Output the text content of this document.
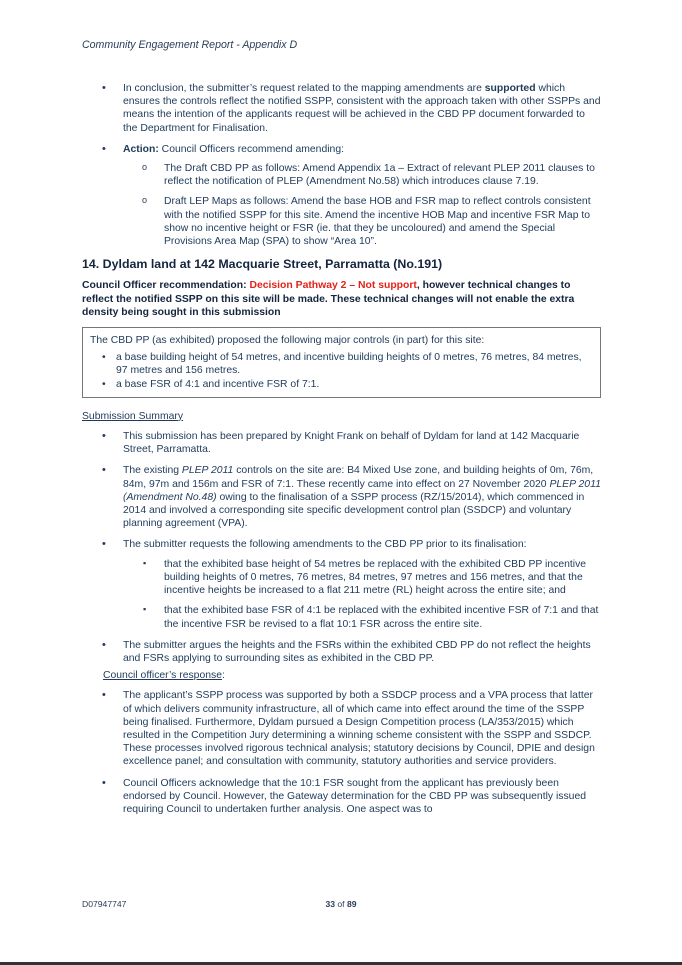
Community Engagement Report - Appendix D
• In conclusion, the submitter’s request related to the mapping amendments are supported which ensures the controls reflect the notified SSPP, consistent with the approach taken with other SSPPs and means the intention of the applicants request will be achieved in the CBD PP document forwarded to the Department for Finalisation.
• Action: Council Officers recommend amending:
o The Draft CBD PP as follows: Amend Appendix 1a – Extract of relevant PLEP 2011 clauses to reflect the notification of PLEP (Amendment No.58) which introduces clause 7.19.
o Draft LEP Maps as follows: Amend the base HOB and FSR map to reflect controls consistent with the notified SSPP for this site. Amend the incentive HOB Map and incentive FSR Map to show no incentive height or FSR (ie. that they be uncoloured) and amend the Special Provisions Area Map (SPA) to show “Area 10”.
14. Dyldam land at 142 Macquarie Street, Parramatta (No.191)

Council Officer recommendation: Decision Pathway 2 – Not support, however technical changes to reflect the notified SSPP on this site will be made. These technical changes will not enable the extra density being sought in this submission

The CBD PP (as exhibited) proposed the following major controls (in part) for this site:

• a base building height of 54 metres, and incentive building heights of 0 metres, 76 metres, 84 metres, 97 metres and 156 metres.
• a base FSR of 4:1 and incentive FSR of 7:1.

Submission Summary

• This submission has been prepared by Knight Frank on behalf of Dyldam for land at 142 Macquarie Street, Parramatta.
• The existing PLEP 2011 controls on the site are: B4 Mixed Use zone, and building heights of 0m, 76m, 84m, 97m and 156m and FSR of 7:1. These recently came into effect on 27 November 2020 PLEP 2011 (Amendment No.48) owing to the finalisation of a SSPP process (RZ/15/2014), which commenced in 2014 and involved a corresponding site specific development control plan (SSDCP) and voluntary planning agreement (VPA).
• The submitter requests the following amendments to the CBD PP prior to its finalisation:
▪ that the exhibited base height of 54 metres be replaced with the exhibited CBD PP incentive building heights of 0 metres, 76 metres, 84 metres, 97 metres and 156 metres, and that the incentive heights be increased to a flat 211 metre (RL) height across the entire site; and
▪ that the exhibited base FSR of 4:1 be replaced with the exhibited incentive FSR of 7:1 and that the incentive FSR be revised to a flat 10:1 FSR across the entire site.
• The submitter argues the heights and the FSRs within the exhibited CBD PP do not reflect the heights and FSRs applying to surrounding sites as exhibited in the CBD PP.

Council officer’s response:

• The applicant’s SSPP process was supported by both a SSDCP process and a VPA process that latter of which delivers community infrastructure, all of which came into effect around the time of the SSPP being finalised. Furthermore, Dyldam pursued a Design Competition process (LA/353/2015) which resulted in the Competition Jury determining a winning scheme consistent with the SSPP and SSDCP. These processes involved rigorous technical analysis; statutory decisions by Council, DPIE and design excellence panel; and consultation with community, statutory authorities and service providers.
• Council Officers acknowledge that the 10:1 FSR sought from the applicant has previously been endorsed by Council. However, the Gateway determination for the CBD PP was subsequently issued requiring Council to undertaken further analysis. One aspect was to
D07947747	33 of 89
